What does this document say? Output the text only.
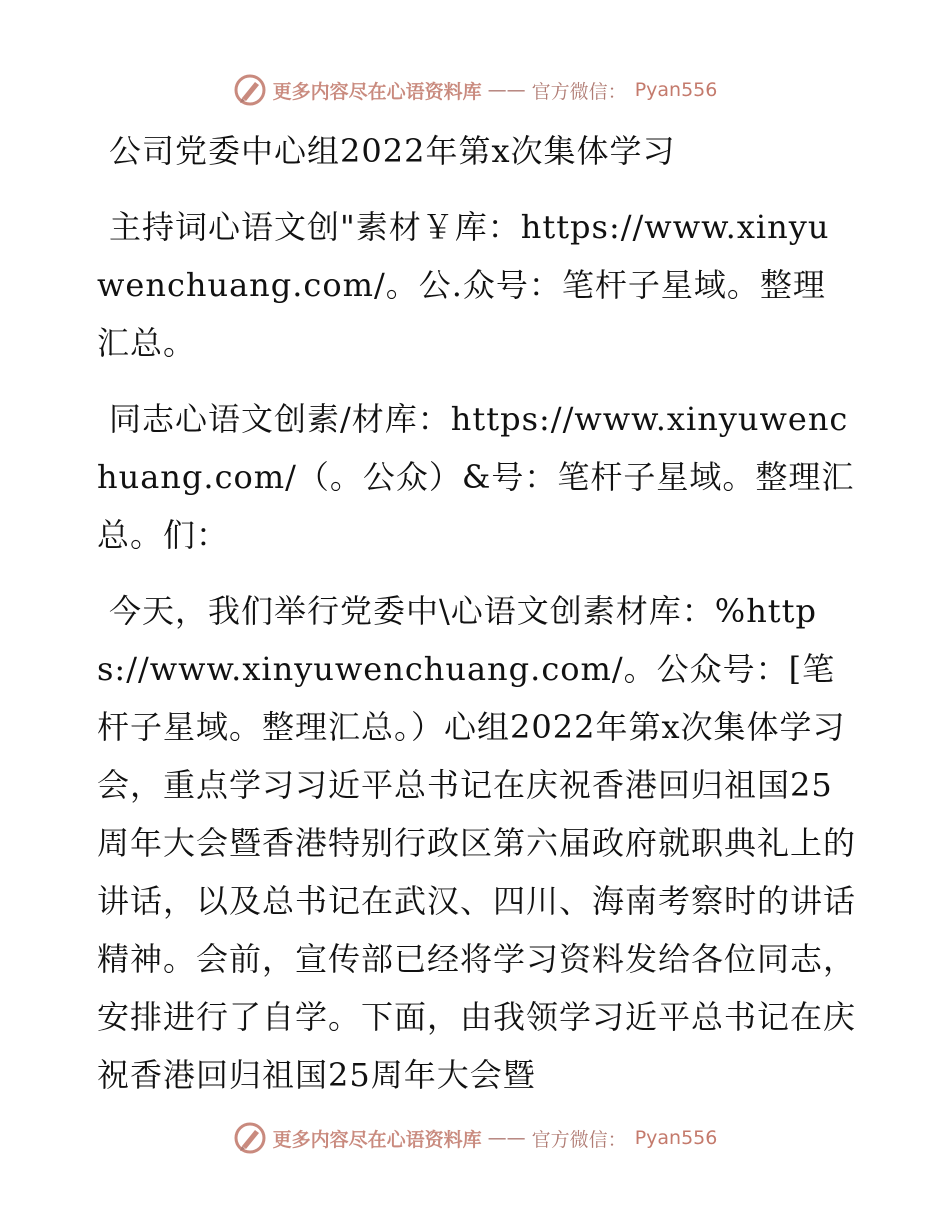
更多内容尽在心语资料库 —— 官方微信： Pyan556

公司党委中心组2022年第x次集体学习

主持词心语文创"素材￥库：https://www.xinyuwenchuang.com/。公.众号：笔杆子星域。整理汇总。

同志心语文创素/材库：https://www.xinyuwenchuang.com/（。公众）&号：笔杆子星域。整理汇总。们：

今天，我们举行党委中\心语文创素材库：%https://www.xinyuwenchuang.com/。公众号：[笔杆子星域。整理汇总。）心组2022年第x次集体学习会，重点学习习近平总书记在庆祝香港回归祖国25周年大会暨香港特别行政区第六届政府就职典礼上的讲话，以及总书记在武汉、四川、海南考察时的讲话精神。会前，宣传部已经将学习资料发给各位同志，安排进行了自学。下面，由我领学习近平总书记在庆祝香港回归祖国25周年大会暨

更多内容尽在心语资料库 —— 官方微信： Pyan556
